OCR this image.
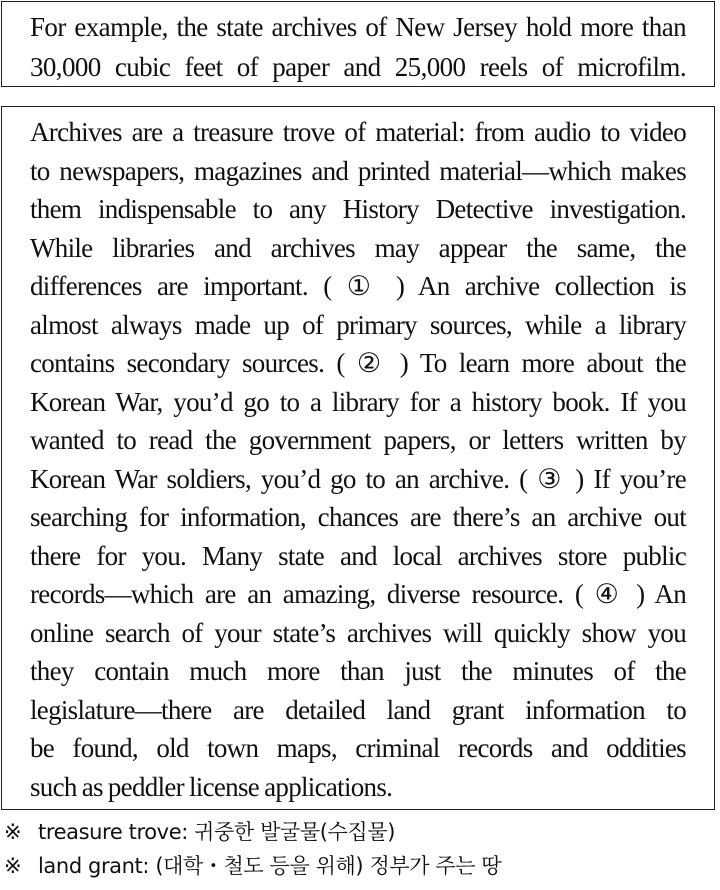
For example, the state archives of New Jersey hold more than 30,000 cubic feet of paper and 25,000 reels of microfilm.
Archives are a treasure trove of material: from audio to video
to newspapers, magazines and printed material—which makes
them indispensable to any History Detective investigation.
While libraries and archives may appear the same, the
differences are important. ( ① ) An archive collection is
almost always made up of primary sources, while a library
contains secondary sources. ( ② ) To learn more about the
Korean War, you’d go to a library for a history book. If you
wanted to read the government papers, or letters written by
Korean War soldiers, you’d go to an archive. ( ③ ) If you’re
searching for information, chances are there’s an archive out
there for you. Many state and local archives store public
records—which are an amazing, diverse resource. ( ④ ) An
online search of your state’s archives will quickly show you
they contain much more than just the minutes of the
legislature—there are detailed land grant information to
be found, old town maps, criminal records and oddities
such as peddler license applications.
※ treasure trove: 귀중한 발굴물(수집물)
※ land grant: (대학・철도 등을 위해) 정부가 주는 땅
